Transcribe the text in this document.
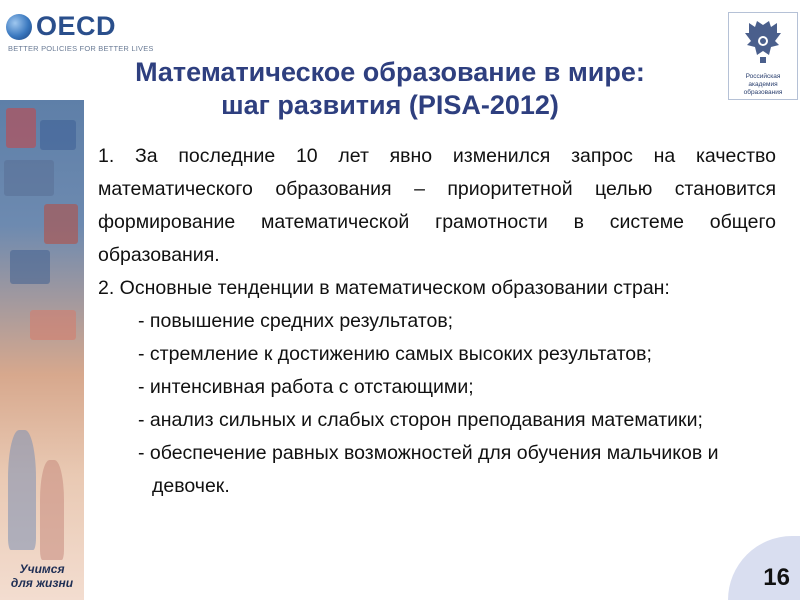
Учимся
для жизни
OECD
BETTER POLICIES FOR BETTER LIVES
Российская академия
образования
Математическое образование в мире:
шаг развития (PISA-2012)
1. За последние 10 лет явно изменился запрос на качество математического образования – приоритетной целью становится формирование математической грамотности в системе общего образования.
2. Основные тенденции в математическом образовании стран:
- повышение средних результатов;
- стремление к достижению самых высоких результатов;
- интенсивная работа с отстающими;
- анализ сильных и слабых сторон преподавания математики;
- обеспечение равных возможностей для обучения мальчиков и девочек.
16
